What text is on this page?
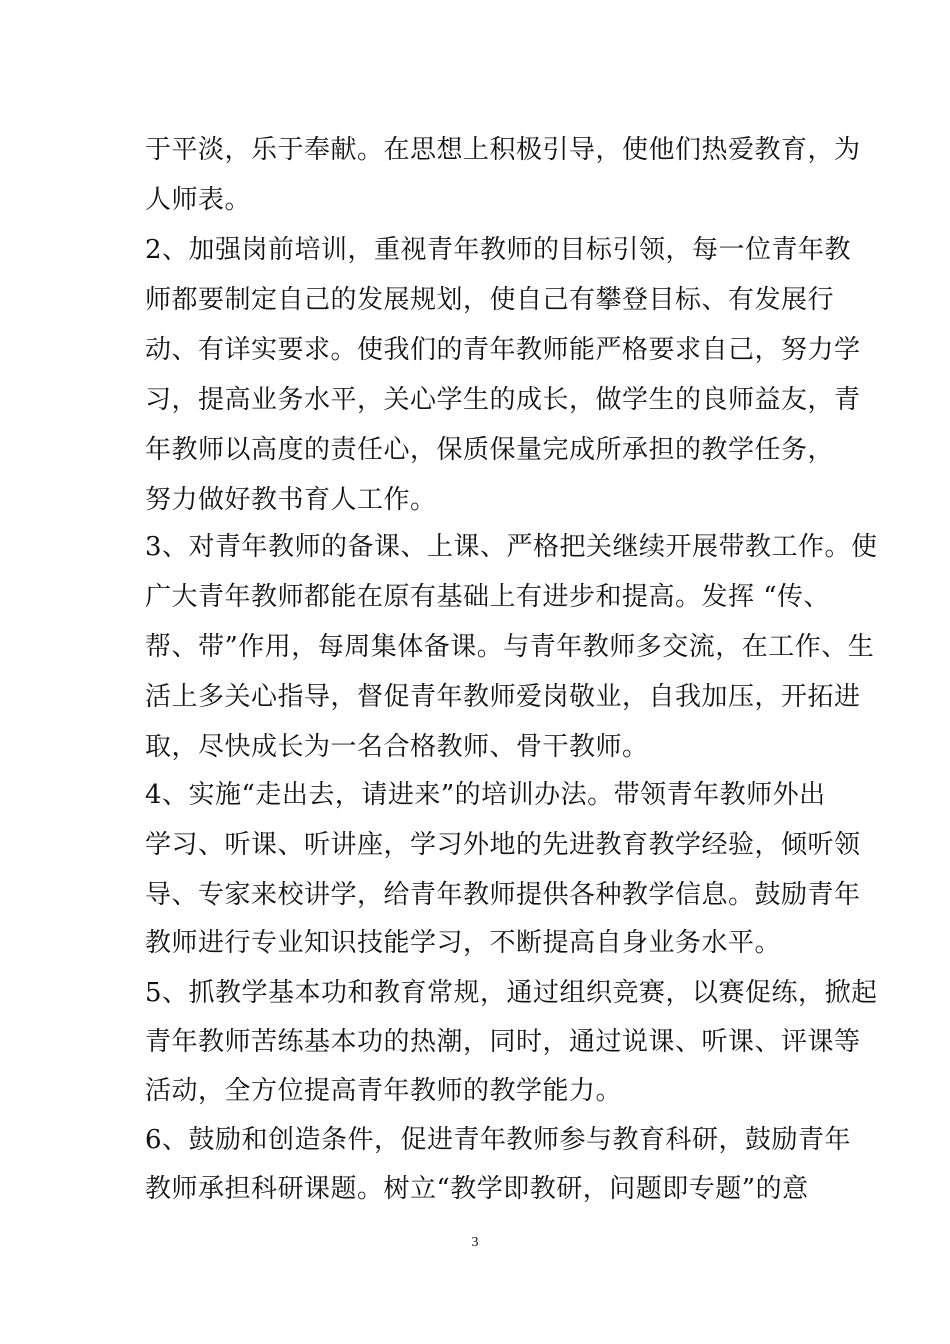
于平淡，乐于奉献。在思想上积极引导，使他们热爱教育，为
人师表。
2、加强岗前培训，重视青年教师的目标引领，每一位青年教
师都要制定自己的发展规划，使自己有攀登目标、有发展行
动、有详实要求。使我们的青年教师能严格要求自己，努力学
习，提高业务水平，关心学生的成长，做学生的良师益友，青
年教师以高度的责任心，保质保量完成所承担的教学任务，
努力做好教书育人工作。
3、对青年教师的备课、上课、严格把关继续开展带教工作。使
广大青年教师都能在原有基础上有进步和提高。发挥 “传、
帮、带”作用，每周集体备课。与青年教师多交流，在工作、生
活上多关心指导，督促青年教师爱岗敬业，自我加压，开拓进
取，尽快成长为一名合格教师、骨干教师。
4、实施“走出去，请进来”的培训办法。带领青年教师外出
学习、听课、听讲座，学习外地的先进教育教学经验，倾听领
导、专家来校讲学，给青年教师提供各种教学信息。鼓励青年
教师进行专业知识技能学习，不断提高自身业务水平。
5、抓教学基本功和教育常规，通过组织竞赛，以赛促练，掀起
青年教师苦练基本功的热潮，同时，通过说课、听课、评课等
活动，全方位提高青年教师的教学能力。
6、鼓励和创造条件，促进青年教师参与教育科研，鼓励青年
教师承担科研课题。树立“教学即教研，问题即专题”的意
3
